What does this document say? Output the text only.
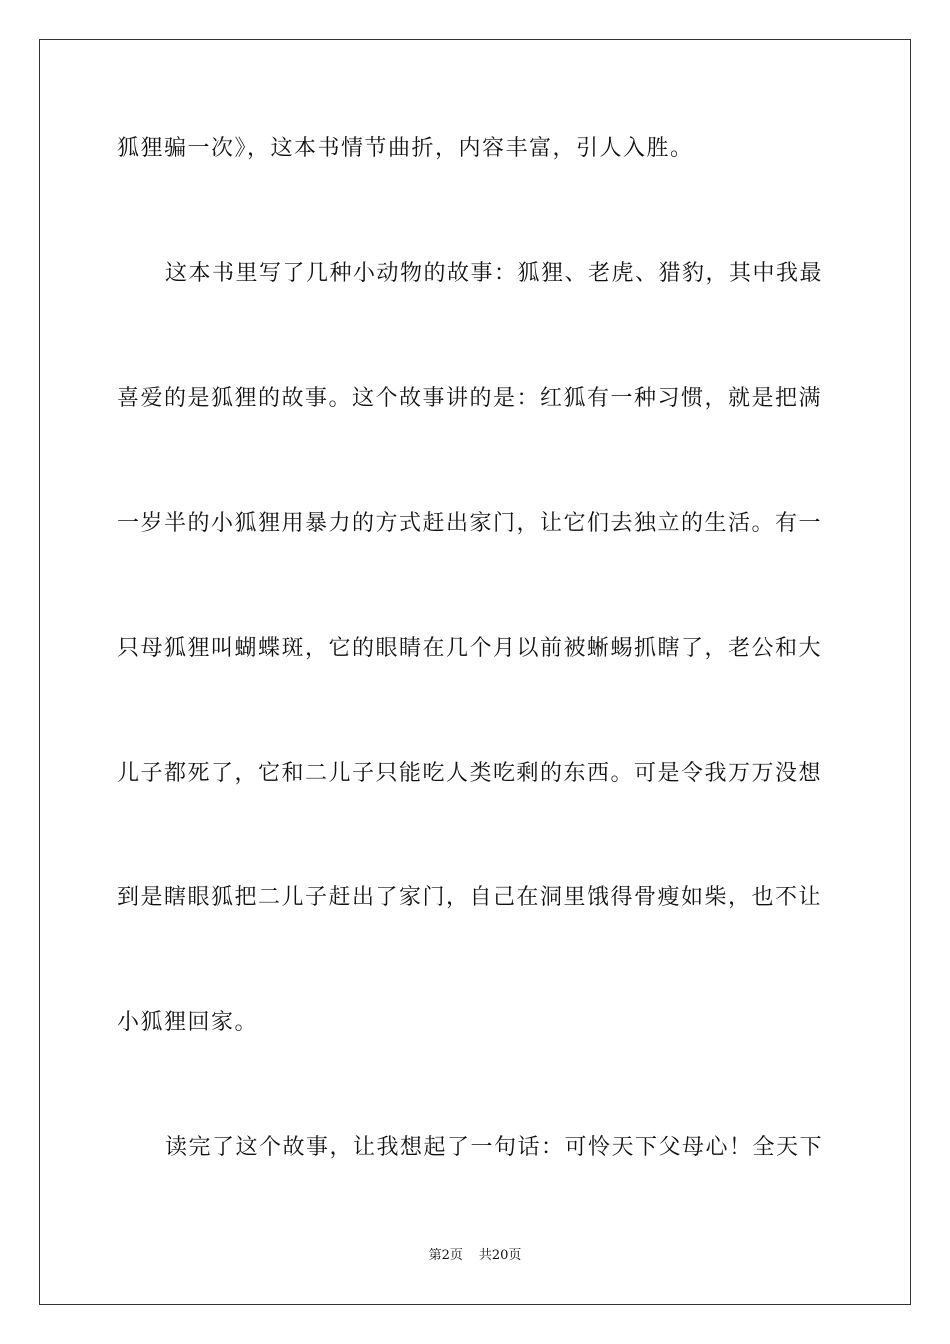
狐狸骗一次》，这本书情节曲折，内容丰富，引人入胜。
这本书里写了几种小动物的故事：狐狸、老虎、猎豹，其中我最
喜爱的是狐狸的故事。这个故事讲的是：红狐有一种习惯，就是把满
一岁半的小狐狸用暴力的方式赶出家门，让它们去独立的生活。有一
只母狐狸叫蝴蝶斑，它的眼睛在几个月以前被蜥蜴抓瞎了，老公和大
儿子都死了，它和二儿子只能吃人类吃剩的东西。可是令我万万没想
到是瞎眼狐把二儿子赶出了家门，自己在洞里饿得骨瘦如柴，也不让
小狐狸回家。
读完了这个故事，让我想起了一句话：可怜天下父母心！全天下
第2页 共20页
